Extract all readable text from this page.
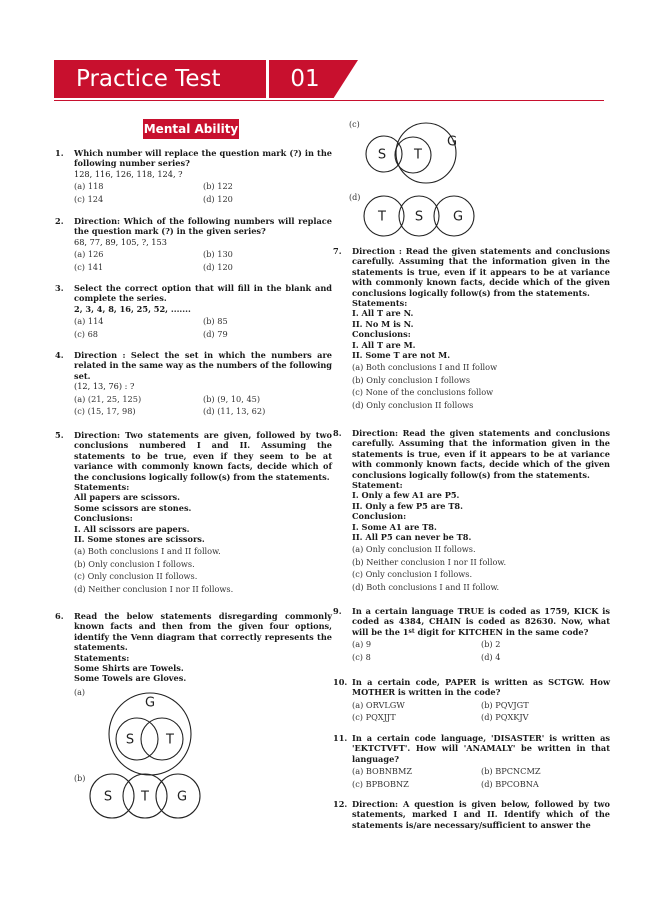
Practice Test	01
Mental Ability
1. Which number will replace the question mark (?) in the following number series?
128, 116, 126, 118, 124, ?
(a) 118	(b) 122
(c) 124	(d) 120
2. Direction: Which of the following numbers will replace the question mark (?) in the given series?
68, 77, 89, 105, ?, 153
(a) 126	(b) 130
(c) 141	(d) 120
3. Select the correct option that will fill in the blank and complete the series.
2, 3, 4, 8, 16, 25, 52, .......
(a) 114	(b) 85
(c) 68	(d) 79
4. Direction : Select the set in which the numbers are related in the same way as the numbers of the following set.
(12, 13, 76) : ?
(a) (21, 25, 125)	(b) (9, 10, 45)
(c) (15, 17, 98)	(d) (11, 13, 62)
5. Direction: Two statements are given, followed by two conclusions numbered I and II. Assuming the statements to be true, even if they seem to be at variance with commonly known facts, decide which of the conclusions logically follow(s) from the statements.
Statements:
All papers are scissors.
Some scissors are stones.
Conclusions:
I. All scissors are papers.
II. Some stones are scissors.
(a) Both conclusions I and II follow.
(b) Only conclusion I follows.
(c) Only conclusion II follows.
(d) Neither conclusion I nor II follows.
6. Read the below statements disregarding commonly known facts and then from the given four options, identify the Venn diagram that correctly represents the statements.
Statements:
Some Shirts are Towels.
Some Towels are Gloves.
(a)
G
S T
(b)
S T G
(c)
S T
G
(d)
T S G
7. Direction : Read the given statements and conclusions carefully. Assuming that the information given in the statements is true, even if it appears to be at variance with commonly known facts, decide which of the given conclusions logically follow(s) from the statements.
Statements:
I. All T are N.
II. No M is N.
Conclusions:
I. All T are M.
II. Some T are not M.
(a) Both conclusions I and II follow
(b) Only conclusion I follows
(c) None of the conclusions follow
(d) Only conclusion II follows
8. Direction: Read the given statements and conclusions carefully. Assuming that the information given in the statements is true, even if it appears to be at variance with commonly known facts, decide which of the given conclusions logically follow(s) from the statements.
Statement:
I. Only a few A1 are P5.
II. Only a few P5 are T8.
Conclusion:
I. Some A1 are T8.
II. All P5 can never be T8.
(a) Only conclusion II follows.
(b) Neither conclusion I nor II follow.
(c) Only conclusion I follows.
(d) Both conclusions I and II follow.
9. In a certain language TRUE is coded as 1759, KICK is coded as 4384, CHAIN is coded as 82630. Now, what will be the 1st digit for KITCHEN in the same code?
(a) 9	(b) 2
(c) 8	(d) 4
10. In a certain code, PAPER is written as SCTGW. How MOTHER is written in the code?
(a) ORVLGW	(b) PQVJGT
(c) PQXJJT	(d) PQXKJV
11. In a certain code language, 'DISASTER' is written as 'EKTCTVFT'. How will 'ANAMALY' be written in that language?
(a) BOBNBMZ	(b) BPCNCMZ
(c) BPBOBNZ	(d) BPCOBNA
12. Direction: A question is given below, followed by two statements, marked I and II. Identify which of the statements is/are necessary/sufficient to answer the
